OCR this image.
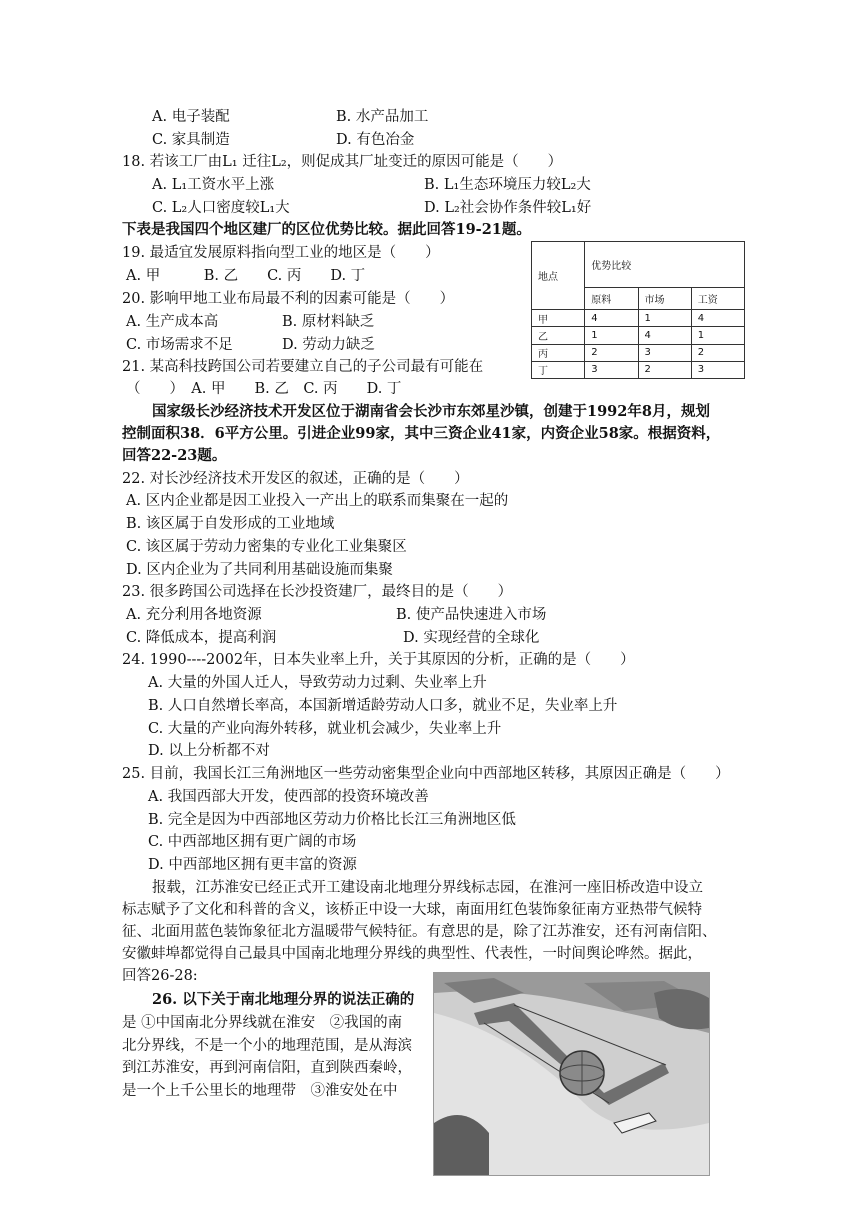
A. 电子装配	B. 水产品加工
C. 家具制造	D. 有色冶金
18. 若该工厂由L₁ 迁往L₂，则促成其厂址变迁的原因可能是（　　）
A. L₁工资水平上涨	B. L₁生态环境压力较L₂大
C. L₂人口密度较L₁大	D. L₂社会协作条件较L₁好
下表是我国四个地区建厂的区位优势比较。据此回答19-21题。
19. 最适宜发展原料指向型工业的地区是（　　）
A. 甲　　　B. 乙　　C. 丙　　D. 丁
20. 影响甲地工业布局最不利的因素可能是（　　）
A. 生产成本高	B. 原材料缺乏
C. 市场需求不足	D. 劳动力缺乏
21. 某高科技跨国公司若要建立自己的子公司最有可能在
（　　）　A. 甲　　B. 乙　C. 丙　　D. 丁
地点	优势比较		
	原料	市场	工资
甲	4	1	4
乙	1	4	1
丙	2	3	2
丁	3	2	3
国家级长沙经济技术开发区位于湖南省会长沙市东郊星沙镇，创建于1992年8月，规划
控制面积38．6平方公里。引进企业99家，其中三资企业41家，内资企业58家。根据资料，
回答22-23题。
22. 对长沙经济技术开发区的叙述，正确的是（　　）
A. 区内企业都是因工业投入一产出上的联系而集聚在一起的
B. 该区属于自发形成的工业地域
C. 该区属于劳动力密集的专业化工业集聚区
D. 区内企业为了共同利用基础设施而集聚
23. 很多跨国公司选择在长沙投资建厂，最终目的是（　　）
A. 充分利用各地资源	B. 使产品快速进入市场
C. 降低成本，提高利润	D. 实现经营的全球化
24. 1990----2002年，日本失业率上升，关于其原因的分析，正确的是（　　）
A. 大量的外国人迁人，导致劳动力过剩、失业率上升
B. 人口自然增长率高，本国新增适龄劳动人口多，就业不足，失业率上升
C. 大量的产业向海外转移，就业机会减少，失业率上升
D. 以上分析都不对
25. 目前，我国长江三角洲地区一些劳动密集型企业向中西部地区转移，其原因正确是（　　）
A. 我国西部大开发，使西部的投资环境改善
B. 完全是因为中西部地区劳动力价格比长江三角洲地区低
C. 中西部地区拥有更广阔的市场
D. 中西部地区拥有更丰富的资源
报载，江苏淮安已经正式开工建设南北地理分界线标志园，在淮河一座旧桥改造中设立
标志赋予了文化和科普的含义，该桥正中设一大球，南面用红色装饰象征南方亚热带气候特
征、北面用蓝色装饰象征北方温暖带气候特征。有意思的是，除了江苏淮安，还有河南信阳、
安徽蚌埠都觉得自己最具中国南北地理分界线的典型性、代表性，一时间舆论哗然。据此，
回答26-28:
26. 以下关于南北地理分界的说法正确的
是 ①中国南北分界线就在淮安　②我国的南
北分界线，不是一个小的地理范围，是从海滨
到江苏淮安，再到河南信阳，直到陕西秦岭，
是一个上千公里长的地理带　③淮安处在中
